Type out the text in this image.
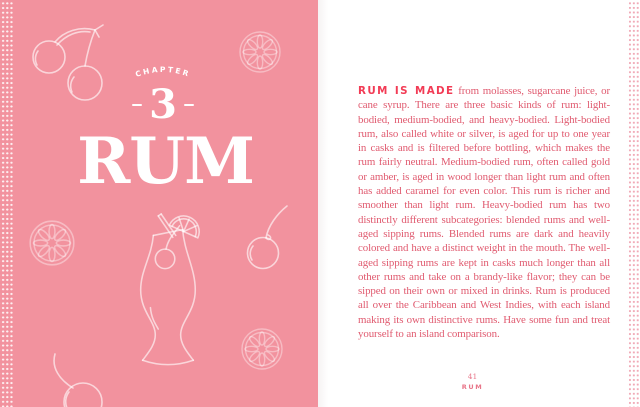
CHAPTER
3
RUM

RUM IS MADE from molasses, sugarcane juice, or cane syrup. There are three basic kinds of rum: light-bodied, medium-bodied, and heavy-bodied. Light-bodied rum, also called white or silver, is aged for up to one year in casks and is filtered before bottling, which makes the rum fairly neutral. Medium-bodied rum, often called gold or amber, is aged in wood longer than light rum and often has added caramel for even color. This rum is richer and smoother than light rum. Heavy-bodied rum has two distinctly different subcategories: blended rums and well-aged sipping rums. Blended rums are dark and heavily colored and have a distinct weight in the mouth. The well-aged sipping rums are kept in casks much longer than all other rums and take on a brandy-like flavor; they can be sipped on their own or mixed in drinks. Rum is produced all over the Caribbean and West Indies, with each island making its own distinctive rums. Have some fun and treat yourself to an island comparison.

41
RUM
